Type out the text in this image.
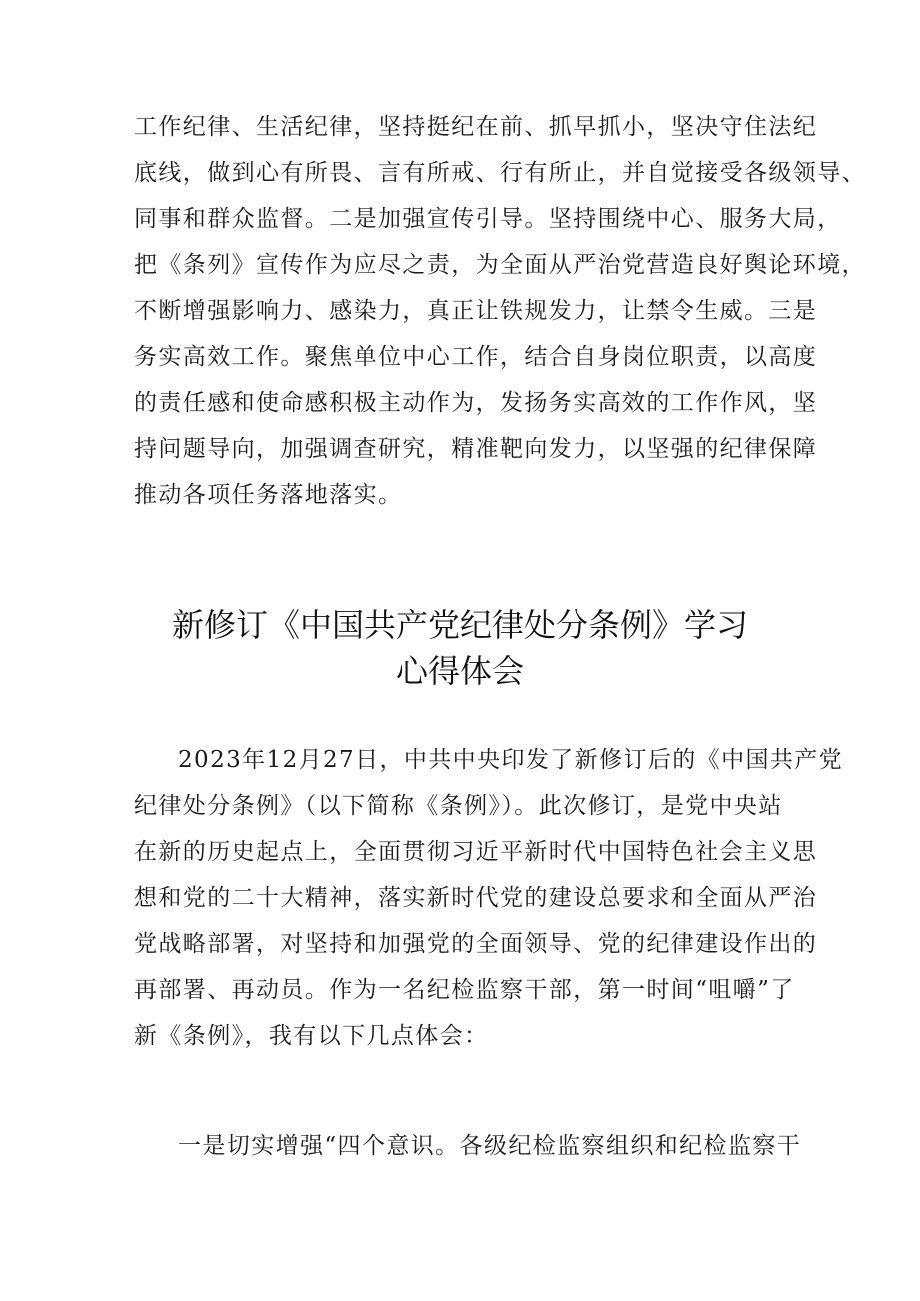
工作纪律、生活纪律，坚持挺纪在前、抓早抓小，坚决守住法纪
底线，做到心有所畏、言有所戒、行有所止，并自觉接受各级领导、
同事和群众监督。二是加强宣传引导。坚持围绕中心、服务大局，
把《条列》宣传作为应尽之责，为全面从严治党营造良好舆论环境，
不断增强影响力、感染力，真正让铁规发力，让禁令生威。三是
务实高效工作。聚焦单位中心工作，结合自身岗位职责，以高度
的责任感和使命感积极主动作为，发扬务实高效的工作作风，坚
持问题导向，加强调查研究，精准靶向发力，以坚强的纪律保障
推动各项任务落地落实。
新修订《中国共产党纪律处分条例》学习
心得体会
2023年12月27日，中共中央印发了新修订后的《中国共产党
纪律处分条例》（以下简称《条例》）。此次修订，是党中央站
在新的历史起点上，全面贯彻习近平新时代中国特色社会主义思
想和党的二十大精神，落实新时代党的建设总要求和全面从严治
党战略部署，对坚持和加强党的全面领导、党的纪律建设作出的
再部署、再动员。作为一名纪检监察干部，第一时间“咀嚼”了
新《条例》，我有以下几点体会：
一是切实增强“四个意识。各级纪检监察组织和纪检监察干
